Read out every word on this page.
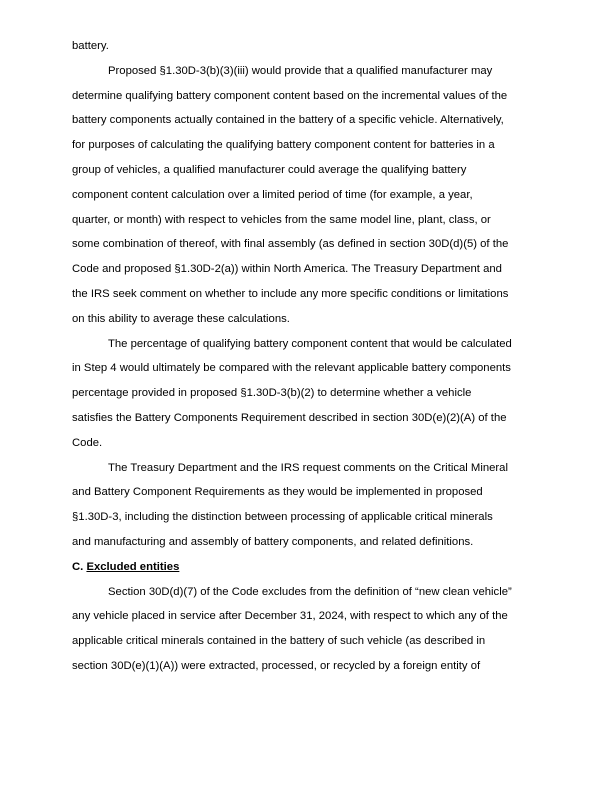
battery.
Proposed §1.30D-3(b)(3)(iii) would provide that a qualified manufacturer may
determine qualifying battery component content based on the incremental values of the
battery components actually contained in the battery of a specific vehicle. Alternatively,
for purposes of calculating the qualifying battery component content for batteries in a
group of vehicles, a qualified manufacturer could average the qualifying battery
component content calculation over a limited period of time (for example, a year,
quarter, or month) with respect to vehicles from the same model line, plant, class, or
some combination of thereof, with final assembly (as defined in section 30D(d)(5) of the
Code and proposed §1.30D-2(a)) within North America. The Treasury Department and
the IRS seek comment on whether to include any more specific conditions or limitations
on this ability to average these calculations.
The percentage of qualifying battery component content that would be calculated
in Step 4 would ultimately be compared with the relevant applicable battery components
percentage provided in proposed §1.30D-3(b)(2) to determine whether a vehicle
satisfies the Battery Components Requirement described in section 30D(e)(2)(A) of the
Code.
The Treasury Department and the IRS request comments on the Critical Mineral
and Battery Component Requirements as they would be implemented in proposed
§1.30D-3, including the distinction between processing of applicable critical minerals
and manufacturing and assembly of battery components, and related definitions.
C. Excluded entities
Section 30D(d)(7) of the Code excludes from the definition of “new clean vehicle”
any vehicle placed in service after December 31, 2024, with respect to which any of the
applicable critical minerals contained in the battery of such vehicle (as described in
section 30D(e)(1)(A)) were extracted, processed, or recycled by a foreign entity of
